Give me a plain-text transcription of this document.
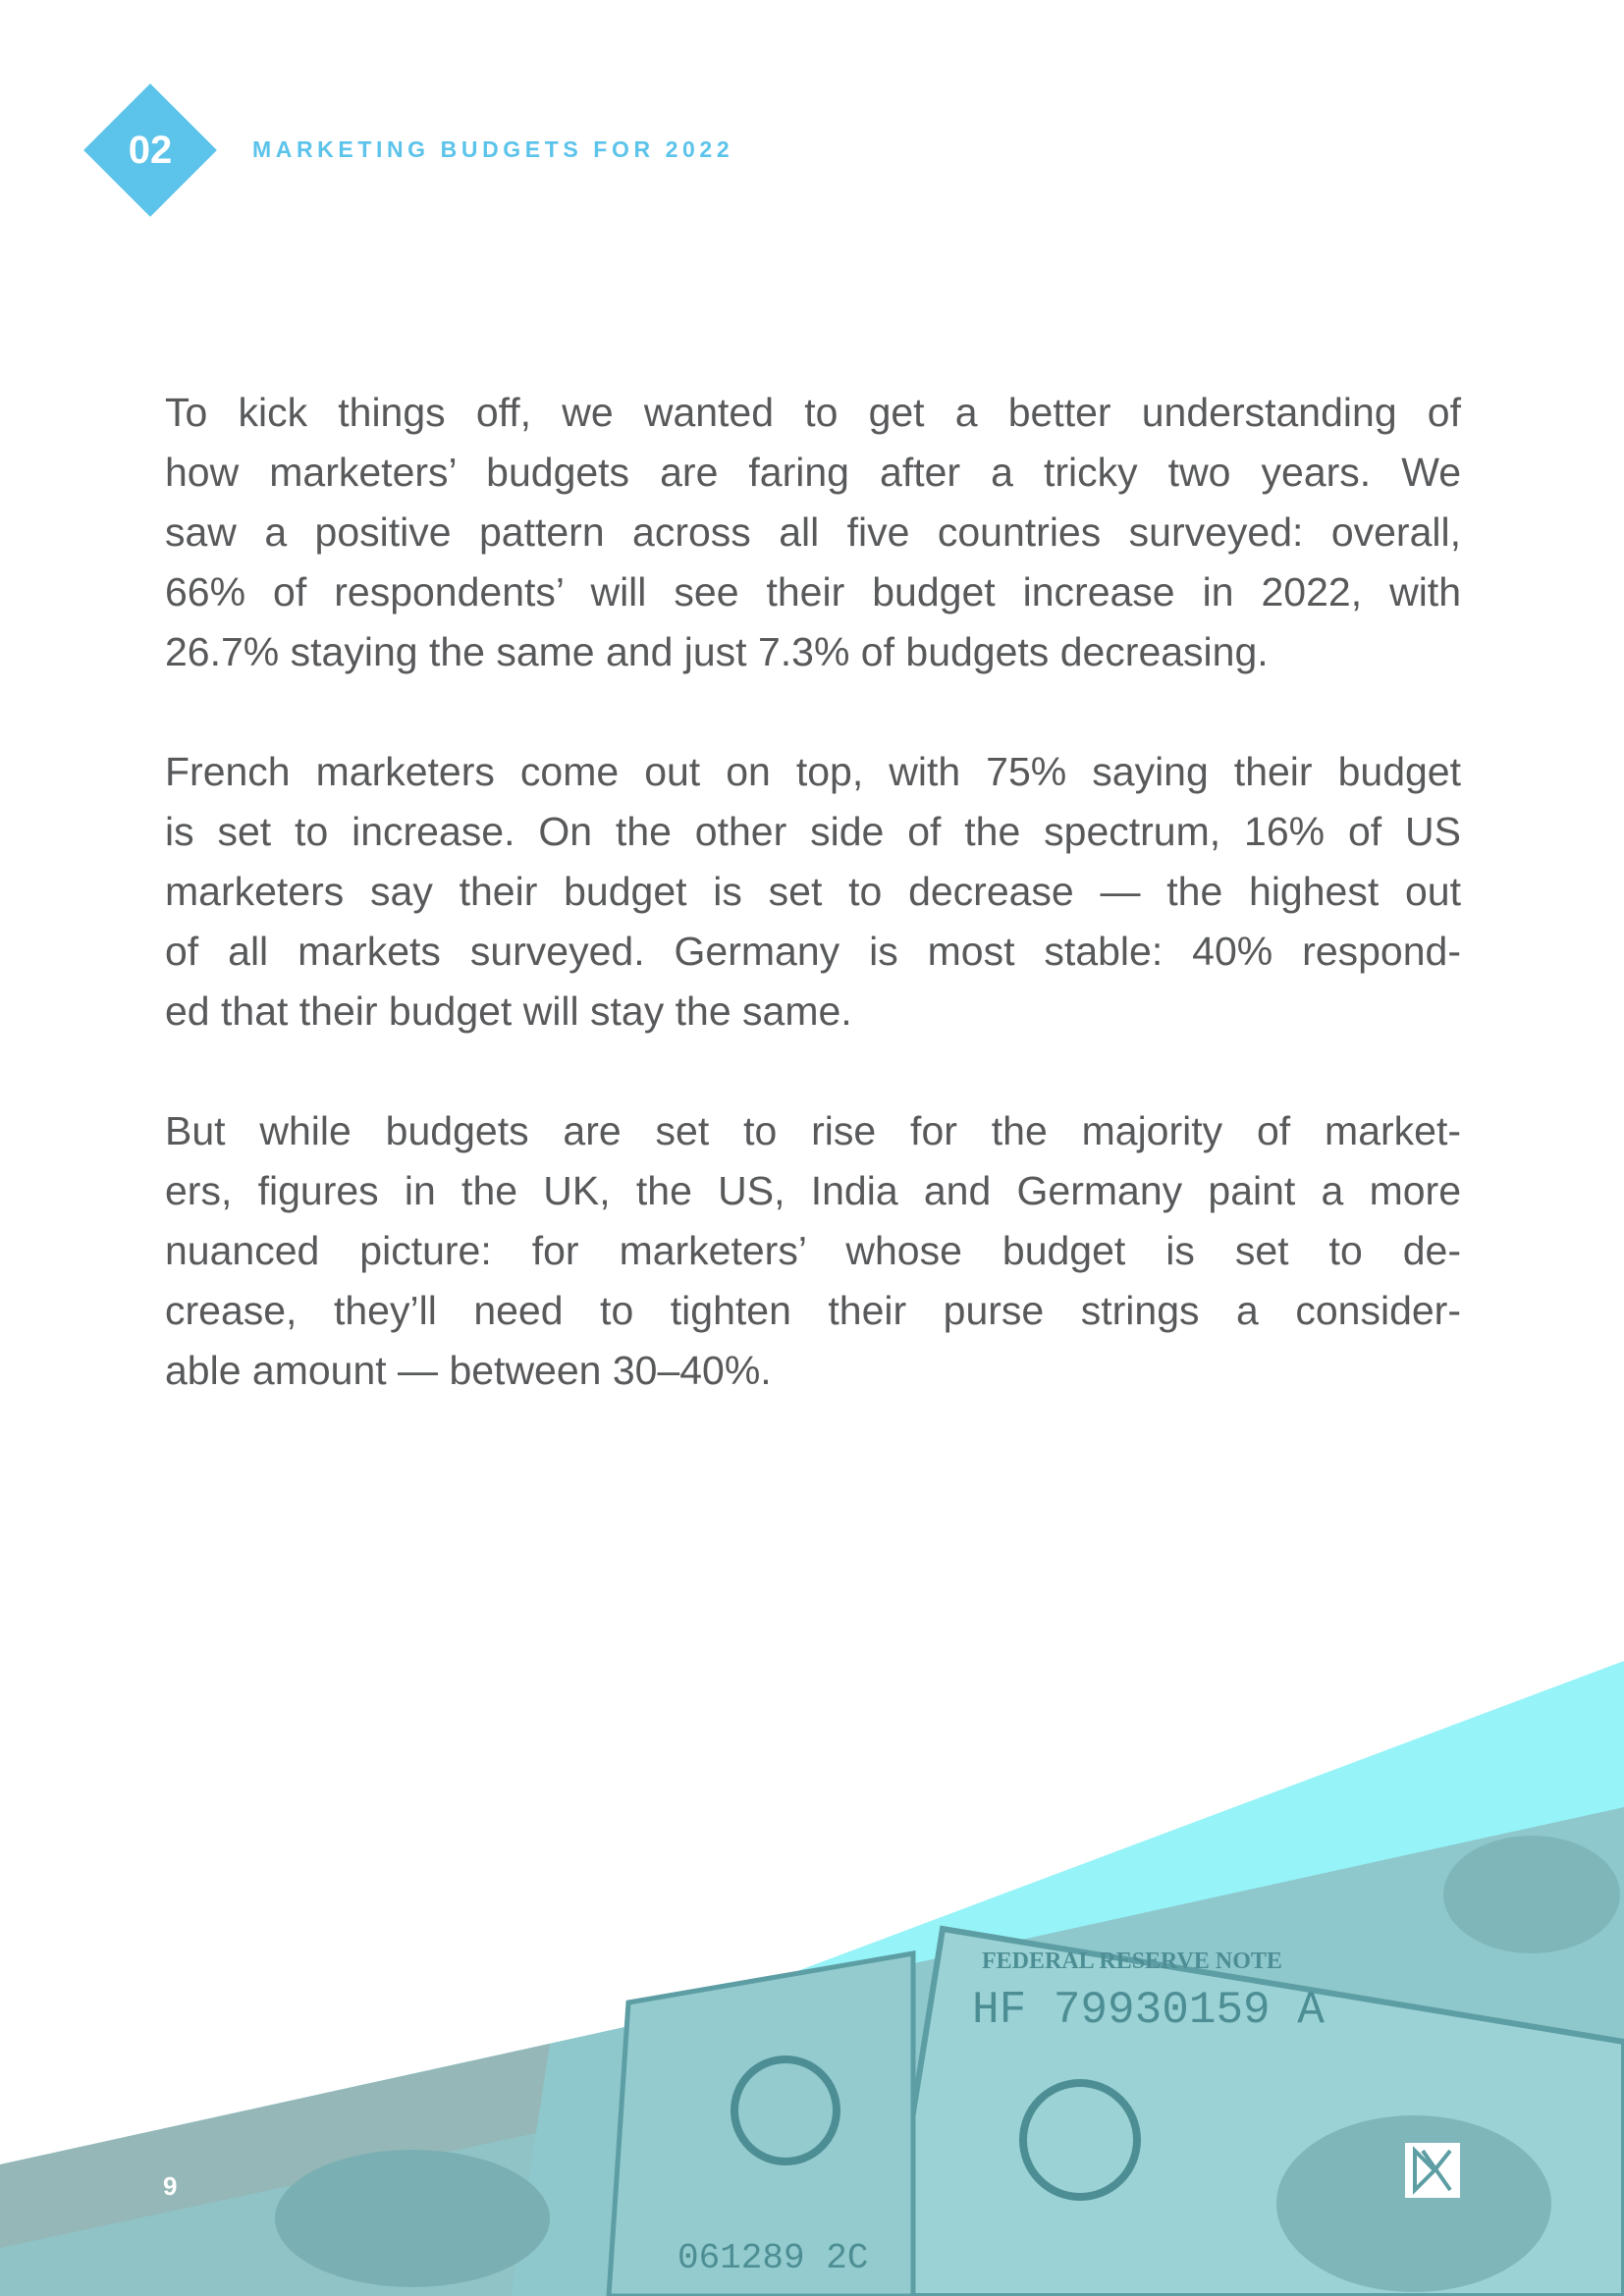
02	MARKETING BUDGETS FOR 2022
To kick things off, we wanted to get a better understanding of
how marketers’ budgets are faring after a tricky two years. We
saw a positive pattern across all five countries surveyed: overall,
66% of respondents’ will see their budget increase in 2022, with
26.7% staying the same and just 7.3% of budgets decreasing.
French marketers come out on top, with 75% saying their budget
is set to increase. On the other side of the spectrum, 16% of US
marketers say their budget is set to decrease — the highest out
of all markets surveyed. Germany is most stable: 40% respond-
ed that their budget will stay the same.
But while budgets are set to rise for the majority of market-
ers, figures in the UK, the US, India and Germany paint a more
nuanced picture: for marketers’ whose budget is set to de-
crease, they’ll need to tighten their purse strings a consider-
able amount — between 30–40%.
HF 79930159 A
FEDERAL RESERVE NOTE
061289 2C
9
